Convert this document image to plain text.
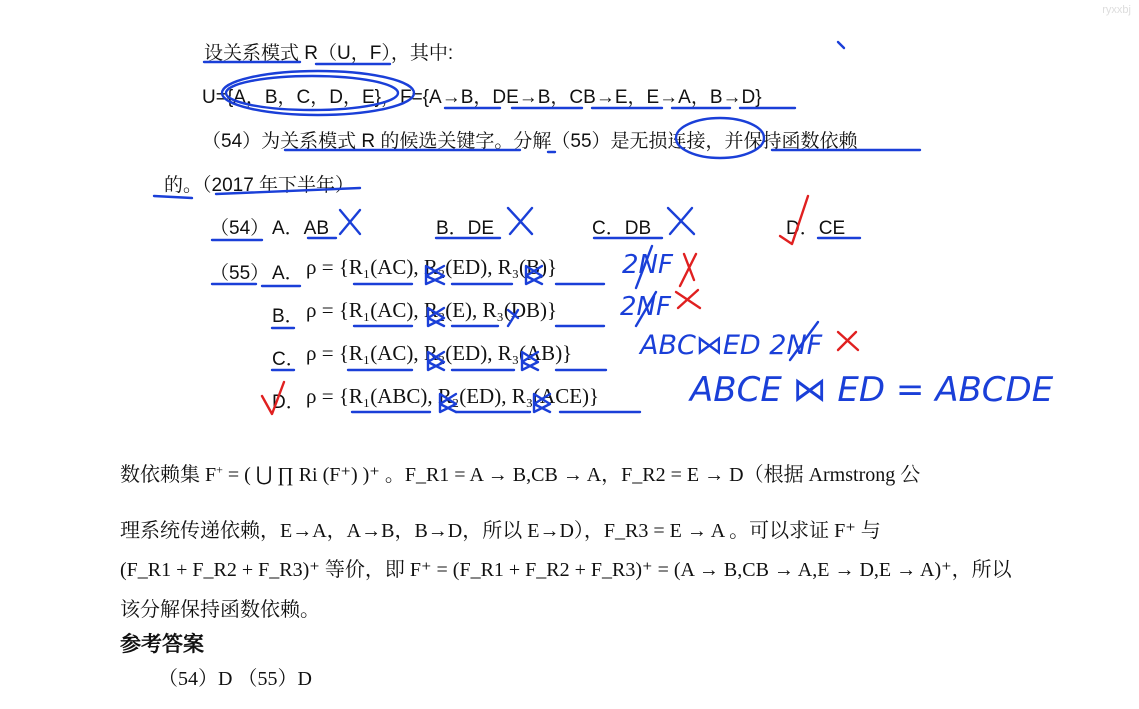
ryxxbj
设关系模式 R（U，F），其中:
U={A，B，C，D，E}，F={A→B，DE→B，CB→E，E→A，B→D}
（54）为关系模式 R 的候选关键字。分解（55）是无损连接，并保持函数依赖
的。（2017 年下半年）
（54） A．AB	B．DE	C．DB	D．CE
（55） A． ρ = {R₁(AC), R₂(ED), R₃(B)}
B． ρ = {R₁(AC), R₂(E), R₃(DB)}
C． ρ = {R₁(AC), R₂(ED), R₃(AB)}
D． ρ = {R₁(ABC), R₂(ED), R₃(ACE)}
2NF
2NF
ABC⋈ED 2NF
ABCE ⋈ ED = ABCDE
数依赖集 F+ = ( ⋃ ∏ Ri (F⁺) )⁺ 。F_R1 = A → B,CB → A，F_R2 = E → D（根据 Armstrong 公
理系统传递依赖，E→A，A→B，B→D，所以 E→D），F_R3 = E → A 。可以求证 F⁺ 与
(F_R1 + F_R2 + F_R3)⁺ 等价，即 F⁺ = (F_R1 + F_R2 + F_R3)⁺ = (A → B,CB → A,E → D,E → A)⁺，所以
该分解保持函数依赖。
参考答案
（54）D （55）D
